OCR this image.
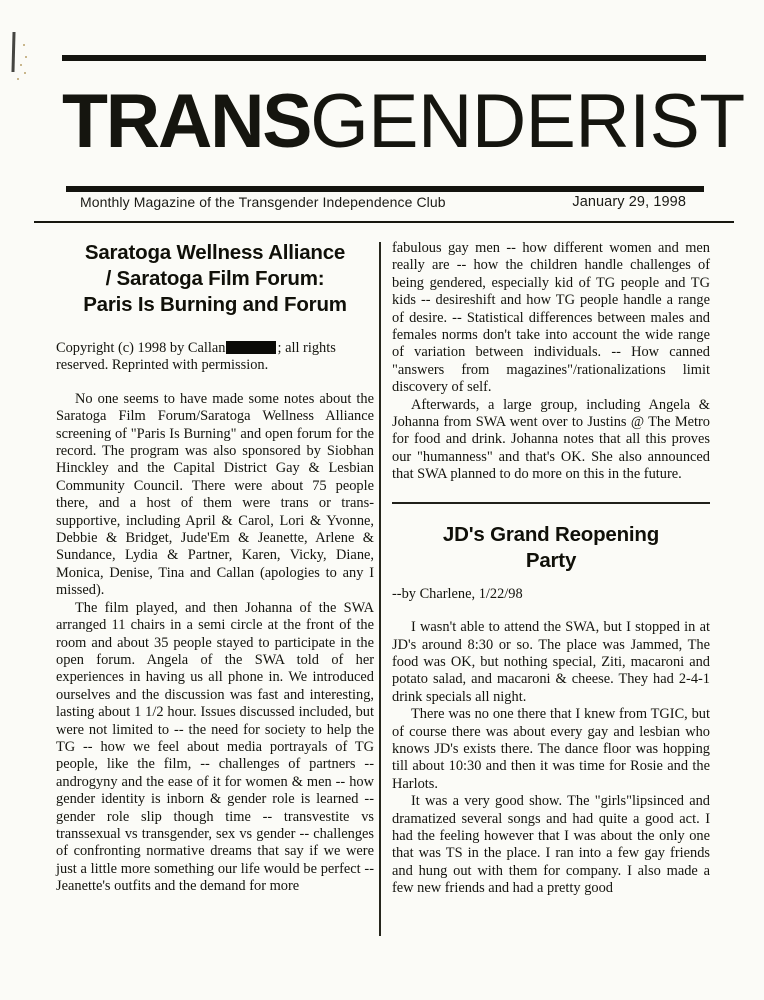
TRANSGENDERIST
Monthly Magazine of the Transgender Independence Club	January 29, 1998
Saratoga Wellness Alliance
/ Saratoga Film Forum:
Paris Is Burning and Forum

Copyright (c) 1998 by Callan	; all rights reserved. Reprinted with permission.

No one seems to have made some notes about the Saratoga Film Forum/Saratoga Wellness Alliance screening of "Paris Is Burning" and open forum for the record. The program was also sponsored by Siobhan Hinckley and the Capital District Gay & Lesbian Community Council. There were about 75 people there, and a host of them were trans or trans-supportive, including April & Carol, Lori & Yvonne, Debbie & Bridget, Jude'Em & Jeanette, Arlene & Sundance, Lydia & Partner, Karen, Vicky, Diane, Monica, Denise, Tina and Callan (apologies to any I missed).

The film played, and then Johanna of the SWA arranged 11 chairs in a semi circle at the front of the room and about 35 people stayed to participate in the open forum. Angela of the SWA told of her experiences in having us all phone in. We introduced ourselves and the discussion was fast and interesting, lasting about 1 1/2 hour. Issues discussed included, but were not limited to -- the need for society to help the TG -- how we feel about media portrayals of TG people, like the film, -- challenges of partners -- androgyny and the ease of it for women & men -- how gender identity is inborn & gender role is learned -- gender role slip though time -- transvestite vs transsexual vs transgender, sex vs gender -- challenges of confronting normative dreams that say if we were just a little more something our life would be perfect -- Jeanette's outfits and the demand for more

fabulous gay men -- how different women and men really are -- how the children handle challenges of being gendered, especially kid of TG people and TG kids -- desireshift and how TG people handle a range of desire. -- Statistical differences between males and females norms don't take into account the wide range of variation between individuals. -- How canned "answers from magazines"/rationalizations limit discovery of self.

Afterwards, a large group, including Angela & Johanna from SWA went over to Justins @ The Metro for food and drink. Johanna notes that all this proves our "humanness" and that's OK. She also announced that SWA planned to do more on this in the future.

JD's Grand Reopening
Party

--by Charlene, 1/22/98

I wasn't able to attend the SWA, but I stopped in at JD's around 8:30 or so. The place was Jammed, The food was OK, but nothing special, Ziti, macaroni and potato salad, and macaroni & cheese. They had 2-4-1 drink specials all night.

There was no one there that I knew from TGIC, but of course there was about every gay and lesbian who knows JD's exists there. The dance floor was hopping till about 10:30 and then it was time for Rosie and the Harlots.

It was a very good show. The "girls"lipsinced and dramatized several songs and had quite a good act. I had the feeling however that I was about the only one that was TS in the place. I ran into a few gay friends and hung out with them for company. I also made a few new friends and had a pretty good
